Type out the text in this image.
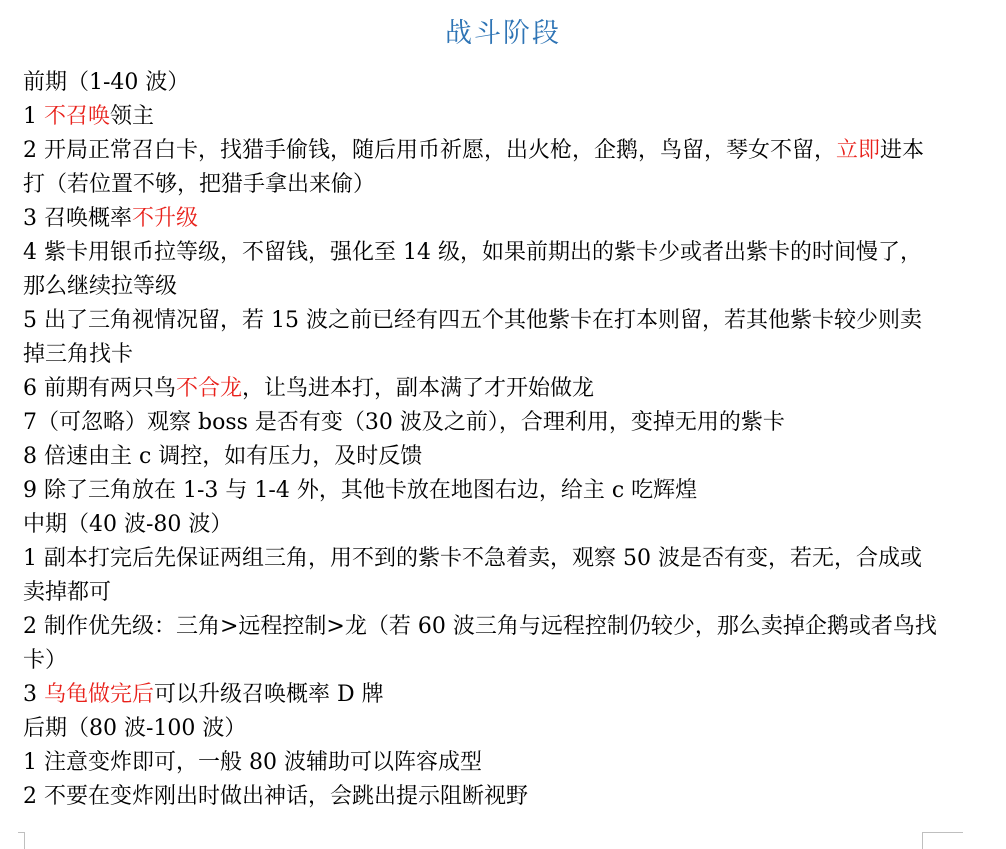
战斗阶段

前期（1-40 波）

1 不召唤领主

2 开局正常召白卡，找猎手偷钱，随后用币祈愿，出火枪，企鹅，鸟留，琴女不留，立即进本打（若位置不够，把猎手拿出来偷）

3 召唤概率不升级

4 紫卡用银币拉等级，不留钱，强化至 14 级，如果前期出的紫卡少或者出紫卡的时间慢了，那么继续拉等级

5 出了三角视情况留，若 15 波之前已经有四五个其他紫卡在打本则留，若其他紫卡较少则卖掉三角找卡

6 前期有两只鸟不合龙，让鸟进本打，副本满了才开始做龙

7（可忽略）观察 boss 是否有变（30 波及之前），合理利用，变掉无用的紫卡

8 倍速由主 c 调控，如有压力，及时反馈

9 除了三角放在 1-3 与 1-4 外，其他卡放在地图右边，给主 c 吃辉煌

中期（40 波-80 波）

1 副本打完后先保证两组三角，用不到的紫卡不急着卖，观察 50 波是否有变，若无，合成或卖掉都可

2 制作优先级：三角>远程控制>龙（若 60 波三角与远程控制仍较少，那么卖掉企鹅或者鸟找卡）

3 乌龟做完后可以升级召唤概率 D 牌

后期（80 波-100 波）

1 注意变炸即可，一般 80 波辅助可以阵容成型

2 不要在变炸刚出时做出神话，会跳出提示阻断视野
